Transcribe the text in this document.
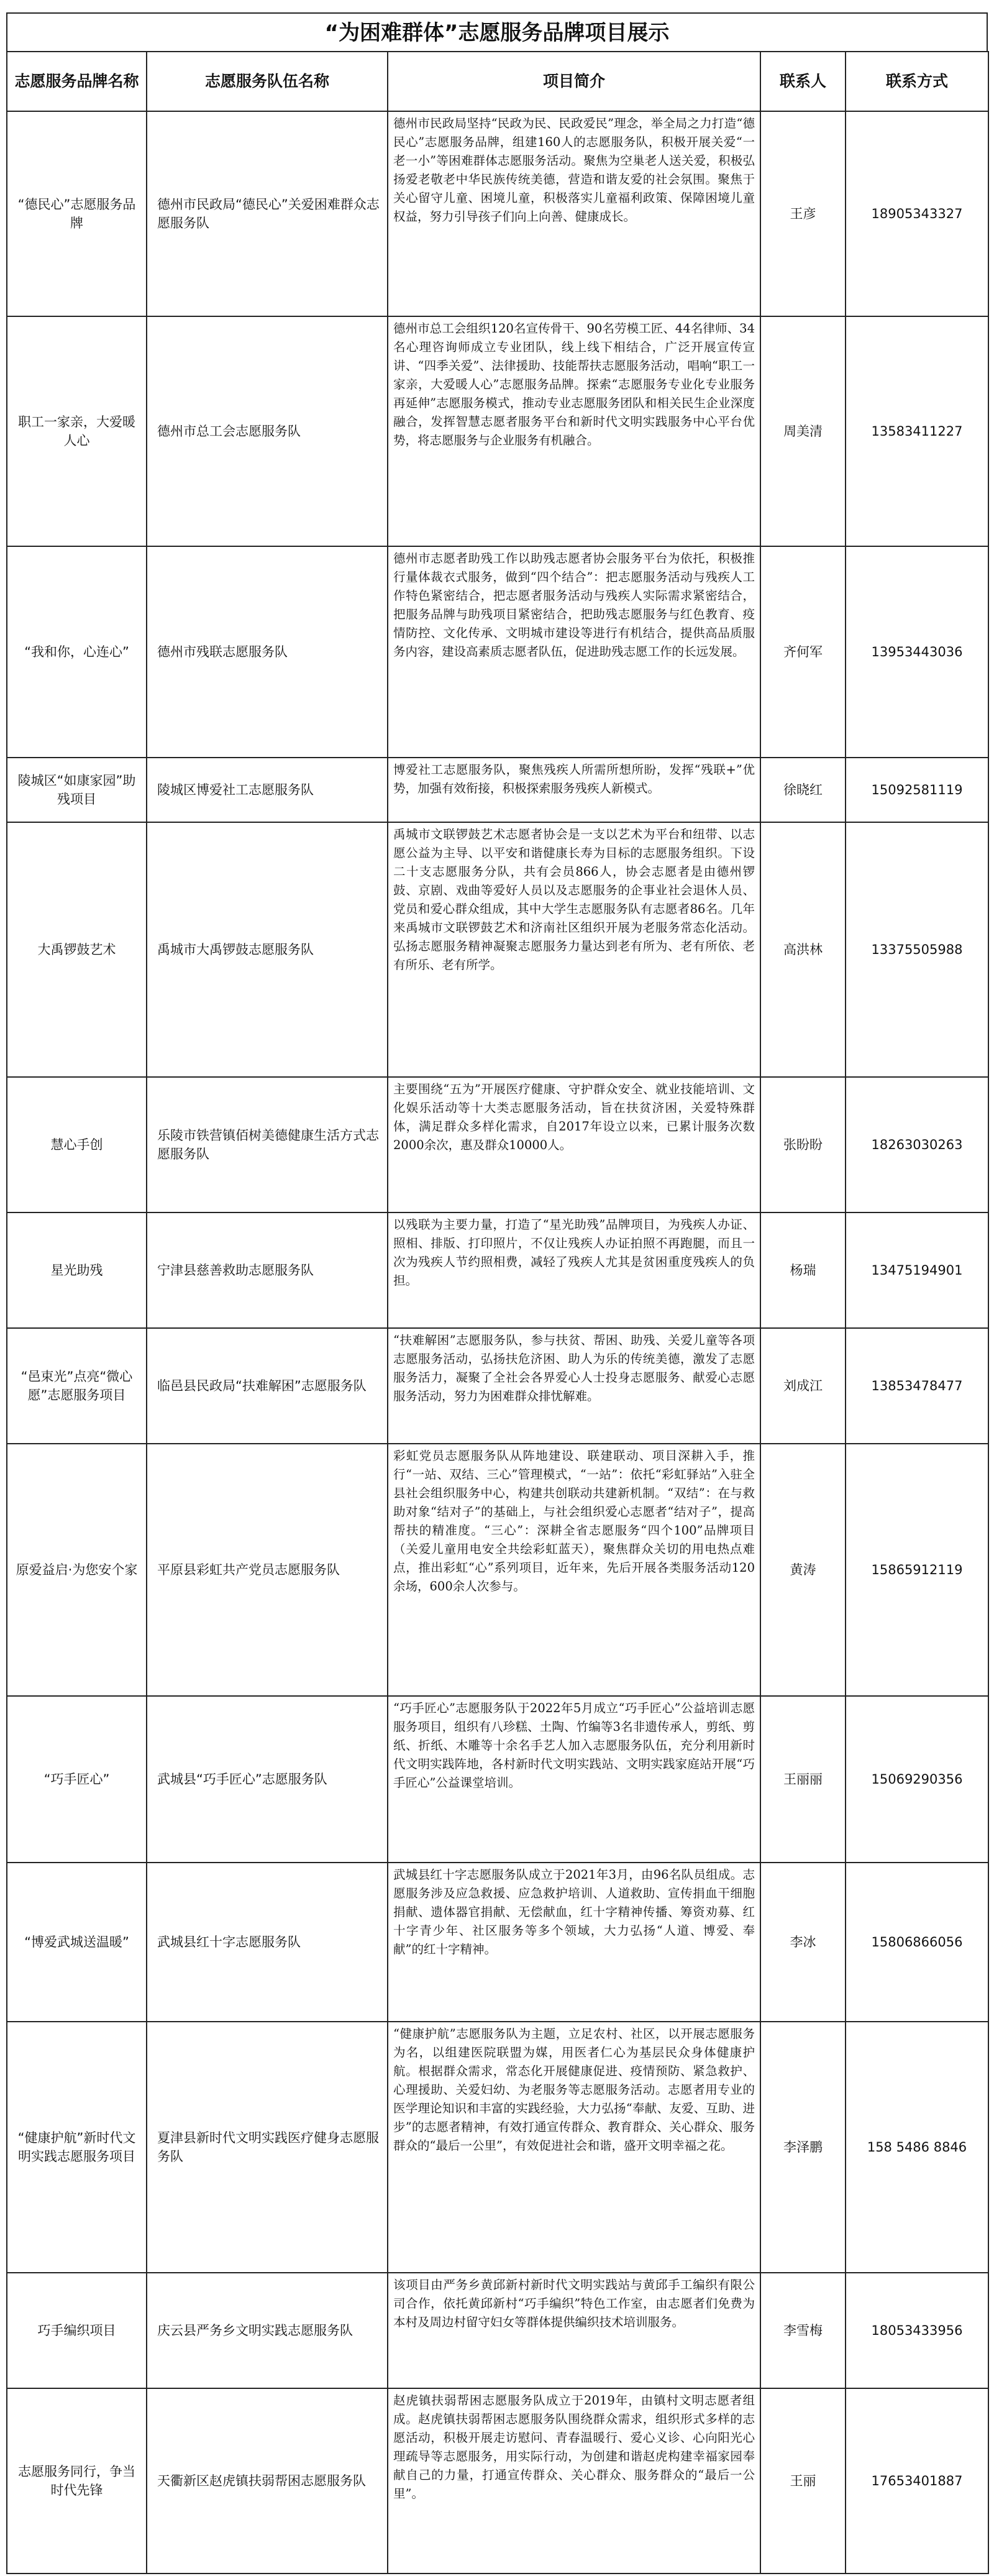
“为困难群体”志愿服务品牌项目展示
志愿服务品牌名称	志愿服务队伍名称	项目简介	联系人	联系方式
“德民心”志愿服务品牌	德州市民政局“德民心”关爱困难群众志愿服务队	德州市民政局坚持“民政为民、民政爱民”理念，举全局之力打造“德民心”志愿服务品牌，组建160人的志愿服务队，积极开展关爱“一老一小”等困难群体志愿服务活动。聚焦为空巢老人送关爱，积极弘扬爱老敬老中华民族传统美德，营造和谐友爱的社会氛围。聚焦于关心留守儿童、困境儿童，积极落实儿童福利政策、保障困境儿童权益，努力引导孩子们向上向善、健康成长。	王彦	18905343327
职工一家亲，大爱暖人心	德州市总工会志愿服务队	德州市总工会组织120名宣传骨干、90名劳模工匠、44名律师、34名心理咨询师成立专业团队，线上线下相结合，广泛开展宣传宣讲、“四季关爱”、法律援助、技能帮扶志愿服务活动，唱响“职工一家亲，大爱暖人心”志愿服务品牌。探索“志愿服务专业化专业服务再延伸”志愿服务模式，推动专业志愿服务团队和相关民生企业深度融合，发挥智慧志愿者服务平台和新时代文明实践服务中心平台优势，将志愿服务与企业服务有机融合。	周美清	13583411227
“我和你，心连心”	德州市残联志愿服务队	德州市志愿者助残工作以助残志愿者协会服务平台为依托，积极推行量体裁衣式服务，做到“四个结合”：把志愿服务活动与残疾人工作特色紧密结合，把志愿者服务活动与残疾人实际需求紧密结合，把服务品牌与助残项目紧密结合，把助残志愿服务与红色教育、疫情防控、文化传承、文明城市建设等进行有机结合，提供高品质服务内容，建设高素质志愿者队伍，促进助残志愿工作的长远发展。	齐何军	13953443036
陵城区“如康家园”助残项目	陵城区博爱社工志愿服务队	博爱社工志愿服务队，聚焦残疾人所需所想所盼，发挥“残联+”优势，加强有效衔接，积极探索服务残疾人新模式。	徐晓红	15092581119
大禹锣鼓艺术	禹城市大禹锣鼓志愿服务队	禹城市文联锣鼓艺术志愿者协会是一支以艺术为平台和纽带、以志愿公益为主导、以平安和谐健康长寿为目标的志愿服务组织。下设二十支志愿服务分队，共有会员866人，协会志愿者是由德州锣鼓、京剧、戏曲等爱好人员以及志愿服务的企事业社会退休人员、党员和爱心群众组成，其中大学生志愿服务队有志愿者86名。几年来禹城市文联锣鼓艺术和济南社区组织开展为老服务常态化活动。弘扬志愿服务精神凝聚志愿服务力量达到老有所为、老有所依、老有所乐、老有所学。	高洪林	13375505988
慧心手创	乐陵市铁营镇佰树美德健康生活方式志愿服务队	主要围绕“五为”开展医疗健康、守护群众安全、就业技能培训、文化娱乐活动等十大类志愿服务活动，旨在扶贫济困，关爱特殊群体，满足群众多样化需求，自2017年设立以来，已累计服务次数2000余次，惠及群众10000人。	张盼盼	18263030263
星光助残	宁津县慈善救助志愿服务队	以残联为主要力量，打造了“星光助残”品牌项目，为残疾人办证、照相、排版、打印照片，不仅让残疾人办证拍照不再跑腿，而且一次为残疾人节约照相费，减轻了残疾人尤其是贫困重度残疾人的负担。	杨瑞	13475194901
“邑束光”点亮“微心愿”志愿服务项目	临邑县民政局“扶难解困”志愿服务队	“扶难解困”志愿服务队，参与扶贫、帮困、助残、关爱儿童等各项志愿服务活动，弘扬扶危济困、助人为乐的传统美德，激发了志愿服务活力，凝聚了全社会各界爱心人士投身志愿服务、献爱心志愿服务活动，努力为困难群众排忧解难。	刘成江	13853478477
原爱益启·为您安个家	平原县彩虹共产党员志愿服务队	彩虹党员志愿服务队从阵地建设、联建联动、项目深耕入手，推行“一站、双结、三心”管理模式，“一站”：依托“彩虹驿站”入驻全县社会组织服务中心，构建共创联动共建新机制。“双结”：在与救助对象“结对子”的基础上，与社会组织爱心志愿者“结对子”，提高帮扶的精准度。“三心”：深耕全省志愿服务“四个100”品牌项目（关爱儿童用电安全共绘彩虹蓝天），聚焦群众关切的用电热点难点，推出彩虹“心”系列项目，近年来，先后开展各类服务活动120余场，600余人次参与。	黄涛	15865912119
“巧手匠心”	武城县“巧手匠心”志愿服务队	“巧手匠心”志愿服务队于2022年5月成立“巧手匠心”公益培训志愿服务项目，组织有八珍糕、土陶、竹编等3名非遗传承人，剪纸、剪纸、折纸、木雕等十余名手艺人加入志愿服务队伍，充分利用新时代文明实践阵地，各村新时代文明实践站、文明实践家庭站开展“巧手匠心”公益课堂培训。	王丽丽	15069290356
“博爱武城送温暖”	武城县红十字志愿服务队	武城县红十字志愿服务队成立于2021年3月，由96名队员组成。志愿服务涉及应急救援、应急救护培训、人道救助、宣传捐血干细胞捐献、遗体器官捐献、无偿献血，红十字精神传播、筹资劝募、红十字青少年、社区服务等多个领域，大力弘扬“人道、博爱、奉献”的红十字精神。	李冰	15806866056
“健康护航”新时代文明实践志愿服务项目	夏津县新时代文明实践医疗健身志愿服务队	“健康护航”志愿服务队为主题，立足农村、社区，以开展志愿服务为名，以组建医院联盟为媒，用医者仁心为基层民众身体健康护航。根据群众需求，常态化开展健康促进、疫情预防、紧急救护、心理援助、关爱妇幼、为老服务等志愿服务活动。志愿者用专业的医学理论知识和丰富的实践经验，大力弘扬“奉献、友爱、互助、进步”的志愿者精神，有效打通宣传群众、教育群众、关心群众、服务群众的“最后一公里”，有效促进社会和谐，盛开文明幸福之花。	李泽鹏	158 5486 8846
巧手编织项目	庆云县严务乡文明实践志愿服务队	该项目由严务乡黄邱新村新时代文明实践站与黄邱手工编织有限公司合作，依托黄邱新村“巧手编织”特色工作室，由志愿者们免费为本村及周边村留守妇女等群体提供编织技术培训服务。	李雪梅	18053433956
志愿服务同行，争当时代先锋	天衢新区赵虎镇扶弱帮困志愿服务队	赵虎镇扶弱帮困志愿服务队成立于2019年，由镇村文明志愿者组成。赵虎镇扶弱帮困志愿服务队围绕群众需求，组织形式多样的志愿活动，积极开展走访慰问、青春温暖行、爱心义诊、心向阳光心理疏导等志愿服务，用实际行动，为创建和谐赵虎构建幸福家园奉献自己的力量，打通宣传群众、关心群众、服务群众的“最后一公里”。	王丽	17653401887
